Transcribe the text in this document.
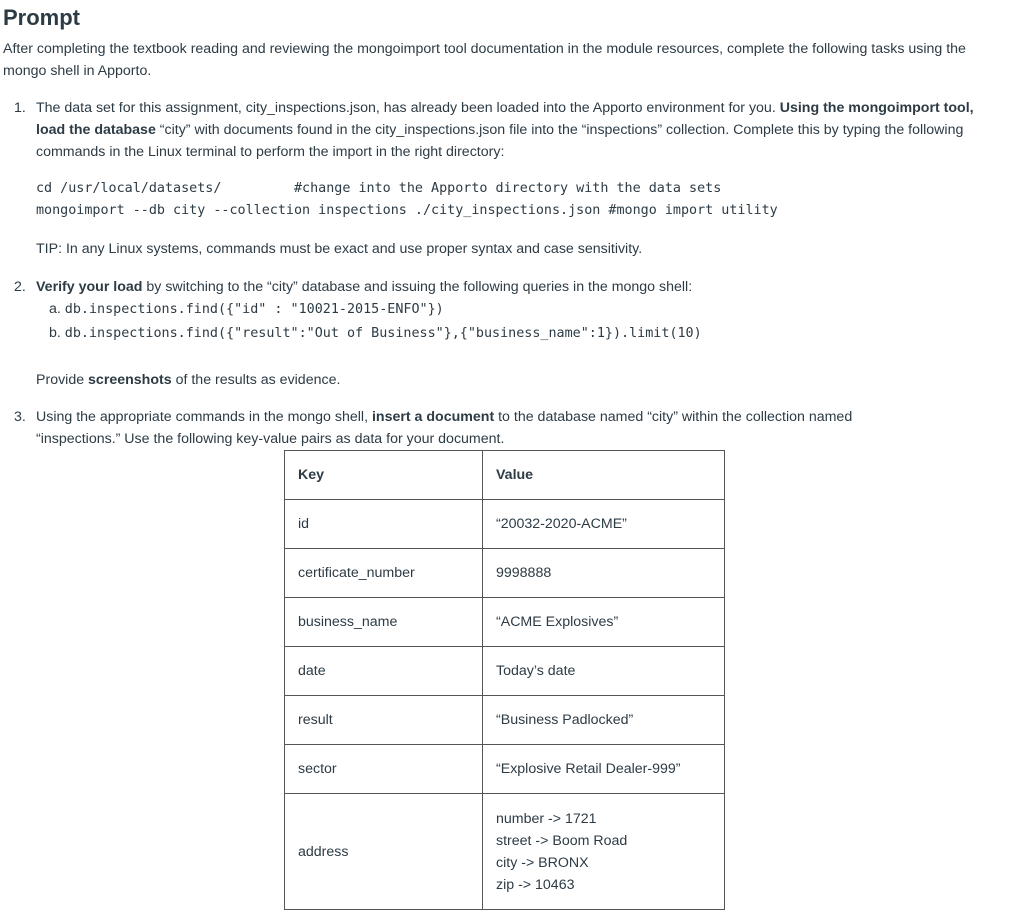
Prompt
After completing the textbook reading and reviewing the mongoimport tool documentation in the module resources, complete the following tasks using the mongo shell in Apporto.
1. The data set for this assignment, city_inspections.json, has already been loaded into the Apporto environment for you. Using the mongoimport tool, load the database “city” with documents found in the city_inspections.json file into the “inspections” collection. Complete this by typing the following commands in the Linux terminal to perform the import in the right directory:
cd /usr/local/datasets/         #change into the Apporto directory with the data sets
mongoimport --db city --collection inspections ./city_inspections.json #mongo import utility
TIP: In any Linux systems, commands must be exact and use proper syntax and case sensitivity.
2. Verify your load by switching to the “city” database and issuing the following queries in the mongo shell:
a. db.inspections.find({"id" : "10021-2015-ENFO"})
b. db.inspections.find({"result":"Out of Business"},{"business_name":1}).limit(10)
Provide screenshots of the results as evidence.
3. Using the appropriate commands in the mongo shell, insert a document to the database named “city” within the collection named “inspections.” Use the following key-value pairs as data for your document.
Key	Value
id	“20032-2020-ACME”
certificate_number	9998888
business_name	“ACME Explosives”
date	Today’s date
result	“Business Padlocked”
sector	“Explosive Retail Dealer-999”
address	number -> 1721
street -> Boom Road
city -> BRONX
zip -> 10463
